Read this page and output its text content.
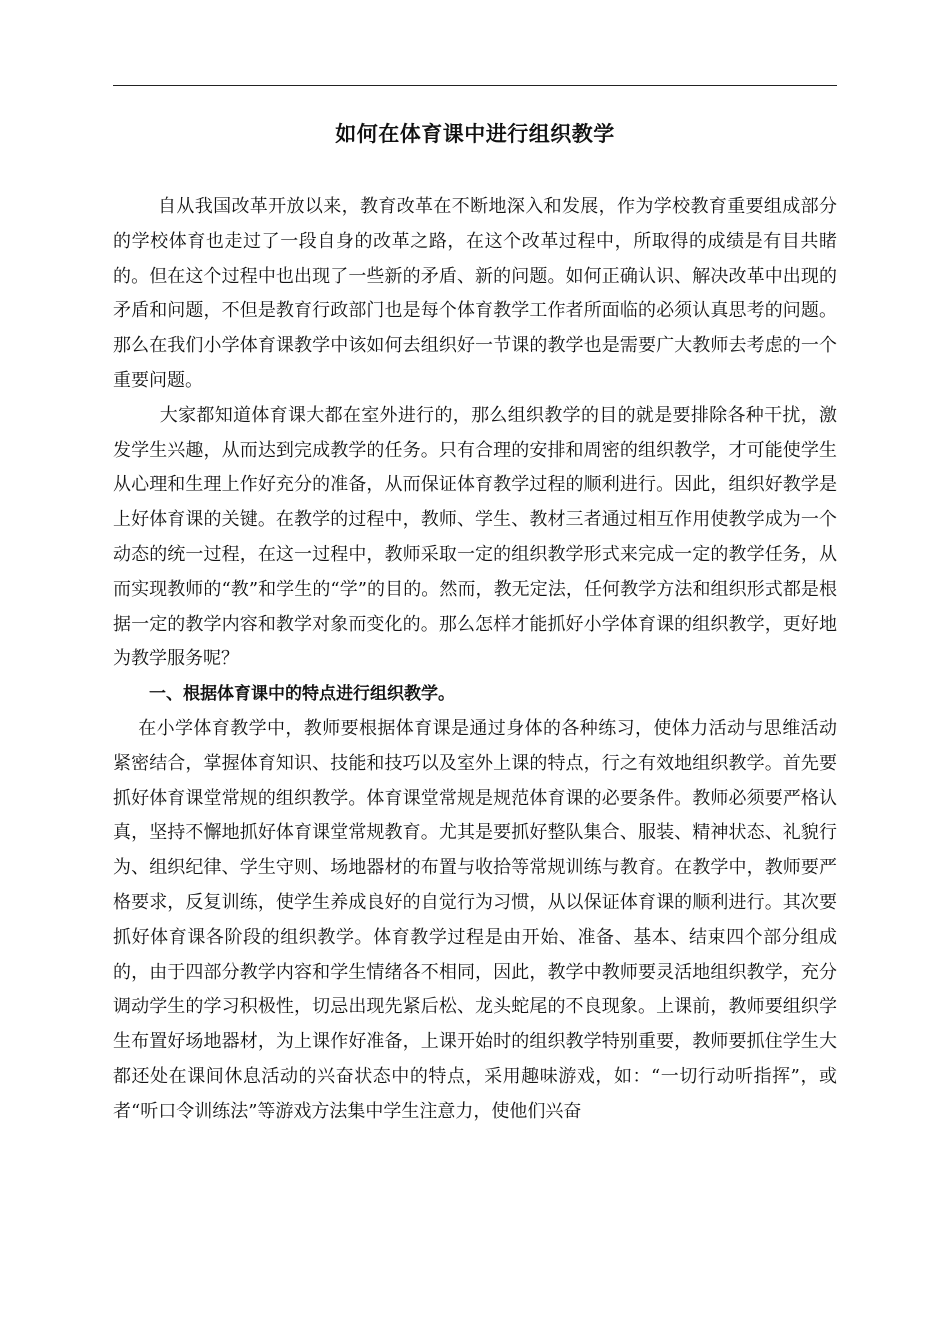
如何在体育课中进行组织教学

自从我国改革开放以来，教育改革在不断地深入和发展，作为学校教育重要组成部分的学校体育也走过了一段自身的改革之路，在这个改革过程中，所取得的成绩是有目共睹的。但在这个过程中也出现了一些新的矛盾、新的问题。如何正确认识、解决改革中出现的矛盾和问题，不但是教育行政部门也是每个体育教学工作者所面临的必须认真思考的问题。那么在我们小学体育课教学中该如何去组织好一节课的教学也是需要广大教师去考虑的一个重要问题。

大家都知道体育课大都在室外进行的，那么组织教学的目的就是要排除各种干扰，激发学生兴趣，从而达到完成教学的任务。只有合理的安排和周密的组织教学，才可能使学生从心理和生理上作好充分的准备，从而保证体育教学过程的顺利进行。因此，组织好教学是上好体育课的关键。在教学的过程中，教师、学生、教材三者通过相互作用使教学成为一个动态的统一过程，在这一过程中，教师采取一定的组织教学形式来完成一定的教学任务，从而实现教师的“教”和学生的“学”的目的。然而，教无定法，任何教学方法和组织形式都是根据一定的教学内容和教学对象而变化的。那么怎样才能抓好小学体育课的组织教学，更好地为教学服务呢？

一、根据体育课中的特点进行组织教学。

在小学体育教学中，教师要根据体育课是通过身体的各种练习，使体力活动与思维活动紧密结合，掌握体育知识、技能和技巧以及室外上课的特点，行之有效地组织教学。首先要抓好体育课堂常规的组织教学。体育课堂常规是规范体育课的必要条件。教师必须要严格认真，坚持不懈地抓好体育课堂常规教育。尤其是要抓好整队集合、服装、精神状态、礼貌行为、组织纪律、学生守则、场地器材的布置与收拾等常规训练与教育。在教学中，教师要严格要求，反复训练，使学生养成良好的自觉行为习惯，从以保证体育课的顺利进行。其次要抓好体育课各阶段的组织教学。体育教学过程是由开始、准备、基本、结束四个部分组成的，由于四部分教学内容和学生情绪各不相同，因此，教学中教师要灵活地组织教学，充分调动学生的学习积极性，切忌出现先紧后松、龙头蛇尾的不良现象。上课前，教师要组织学生布置好场地器材，为上课作好准备，上课开始时的组织教学特别重要，教师要抓住学生大都还处在课间休息活动的兴奋状态中的特点，采用趣味游戏，如：“一切行动听指挥”，或者“听口令训练法”等游戏方法集中学生注意力，使他们兴奋
